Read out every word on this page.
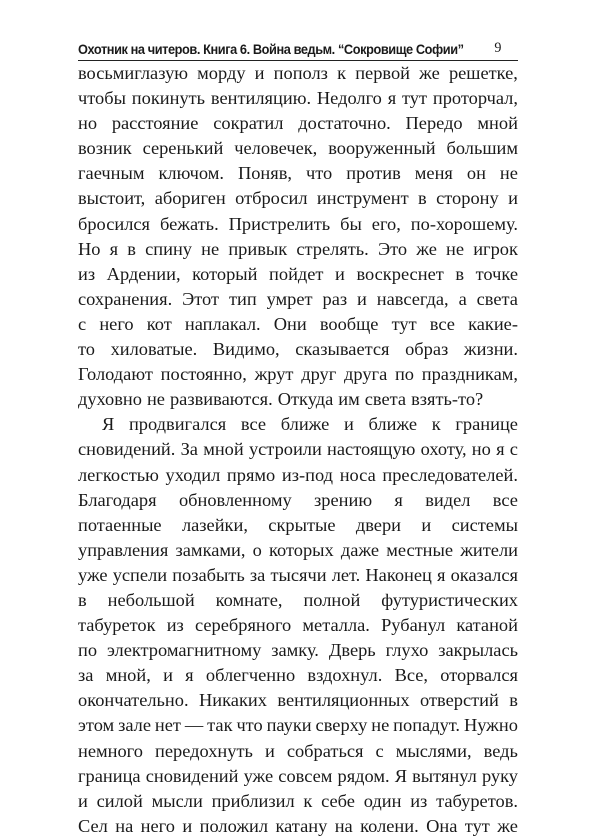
Охотник на читеров. Книга 6. Война ведьм. “Сокровище Софии” 9
восьмиглазую морду и пополз к первой же решетке,
чтобы покинуть вентиляцию. Недолго я тут проторчал,
но расстояние сократил достаточно. Передо мной
возник серенький человечек, вооруженный большим
гаечным ключом. Поняв, что против меня он не
выстоит, абориген отбросил инструмент в сторону и
бросился бежать. Пристрелить бы его, по-хорошему.
Но я в спину не привык стрелять. Это же не игрок
из Ардении, который пойдет и воскреснет в точке
сохранения. Этот тип умрет раз и навсегда, а света
с него кот наплакал. Они вообще тут все какие-
то хиловатые. Видимо, сказывается образ жизни.
Голодают постоянно, жрут друг друга по праздникам,
духовно не развиваются. Откуда им света взять-то?
Я продвигался все ближе и ближе к границе
сновидений. За мной устроили настоящую охоту, но я с
легкостью уходил прямо из-под носа преследователей.
Благодаря обновленному зрению я видел все
потаенные лазейки, скрытые двери и системы
управления замками, о которых даже местные жители
уже успели позабыть за тысячи лет. Наконец я оказался
в небольшой комнате, полной футуристических
табуреток из серебряного металла. Рубанул катаной
по электромагнитному замку. Дверь глухо закрылась
за мной, и я облегченно вздохнул. Все, оторвался
окончательно. Никаких вентиляционных отверстий в
этом зале нет — так что пауки сверху не попадут. Нужно
немного передохнуть и собраться с мыслями, ведь
граница сновидений уже совсем рядом. Я вытянул руку
и силой мысли приблизил к себе один из табуретов.
Сел на него и положил катану на колени. Она тут же
